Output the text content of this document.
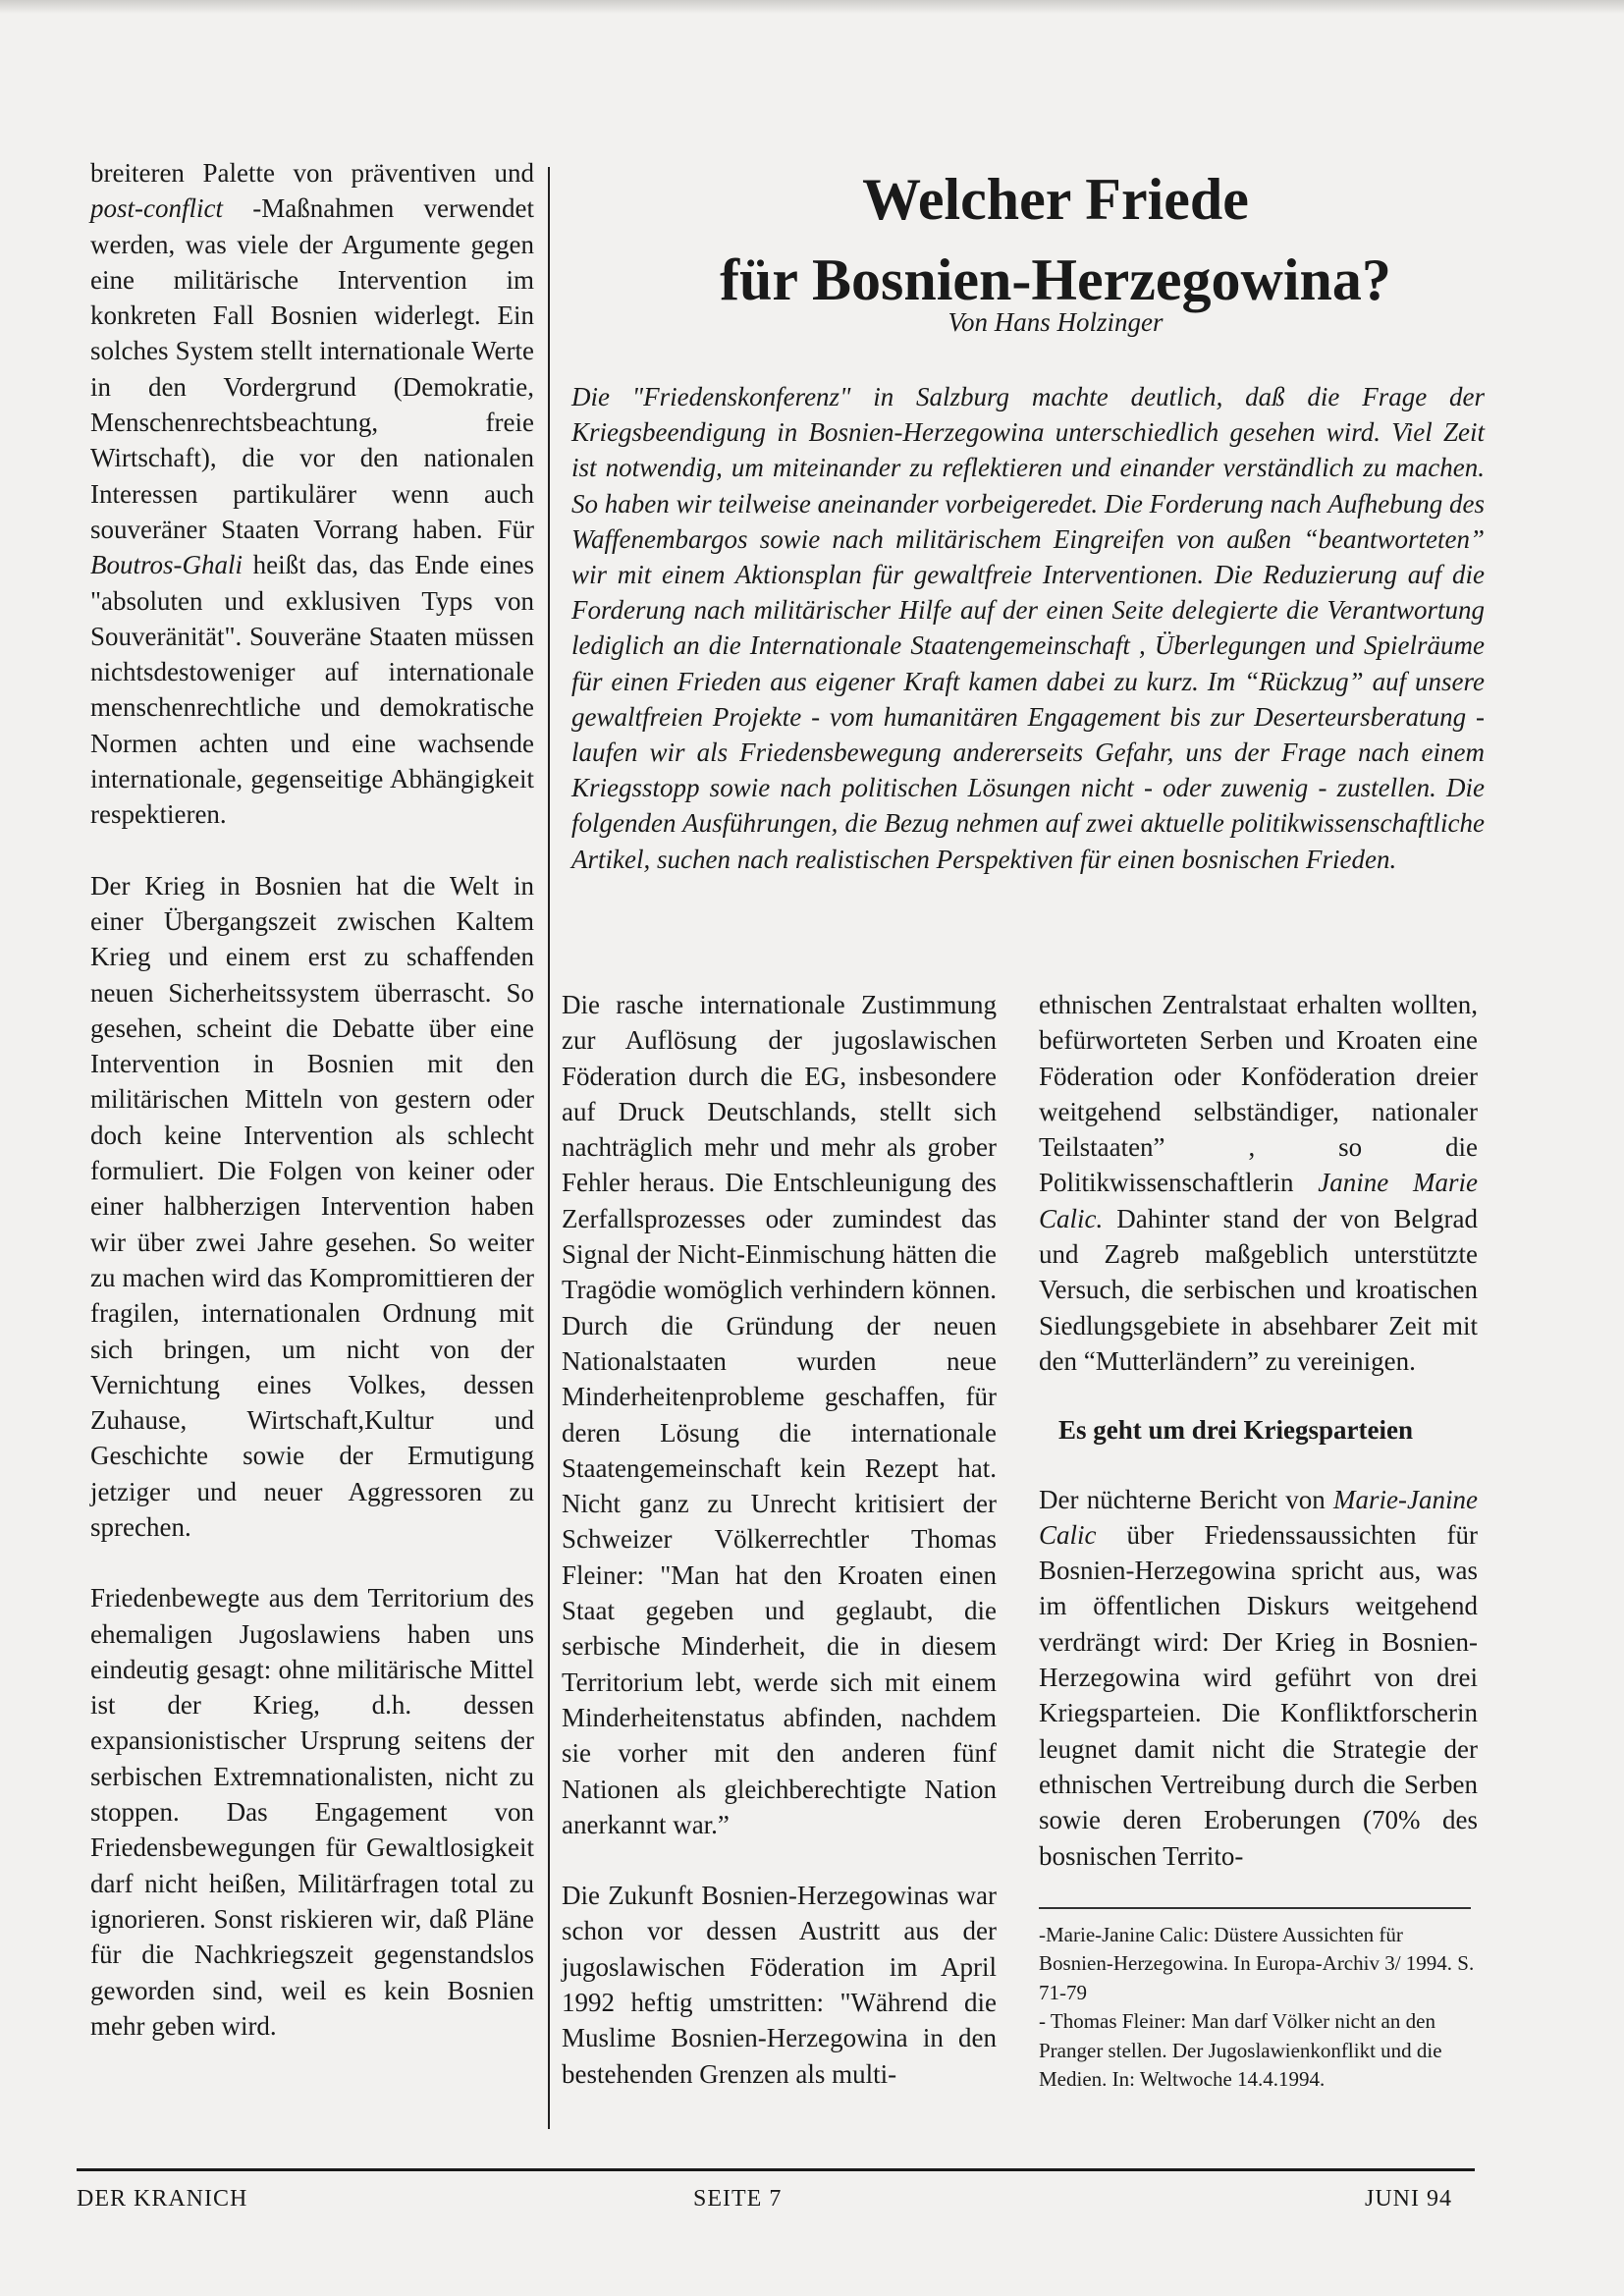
breiteren Palette von präventiven und post-conflict -Maßnahmen verwendet werden, was viele der Argumente gegen eine militärische Intervention im konkreten Fall Bosnien widerlegt. Ein solches System stellt internationale Werte in den Vordergrund (Demokratie, Menschenrechtsbeachtung, freie Wirtschaft), die vor den nationalen Interessen partikulärer wenn auch souveräner Staaten Vorrang haben. Für Boutros-Ghali heißt das, das Ende eines "absoluten und exklusiven Typs von Souveränität". Souveräne Staaten müssen nichtsdestoweniger auf internationale menschenrechtliche und demokratische Normen achten und eine wachsende internationale, gegenseitige Abhängigkeit respektieren.

Der Krieg in Bosnien hat die Welt in einer Übergangszeit zwischen Kaltem Krieg und einem erst zu schaffenden neuen Sicherheitssystem überrascht. So gesehen, scheint die Debatte über eine Intervention in Bosnien mit den militärischen Mitteln von gestern oder doch keine Intervention als schlecht formuliert. Die Folgen von keiner oder einer halbherzigen Intervention haben wir über zwei Jahre gesehen. So weiter zu machen wird das Kompromittieren der fragilen, internationalen Ordnung mit sich bringen, um nicht von der Vernichtung eines Volkes, dessen Zuhause, Wirtschaft,Kultur und Geschichte sowie der Ermutigung jetziger und neuer Aggressoren zu sprechen.

Friedenbewegte aus dem Territorium des ehemaligen Jugoslawiens haben uns eindeutig gesagt: ohne militärische Mittel ist der Krieg, d.h. dessen expansionistischer Ursprung seitens der serbischen Extremnationalisten, nicht zu stoppen. Das Engagement von Friedensbewegungen für Gewaltlosigkeit darf nicht heißen, Militärfragen total zu ignorieren. Sonst riskieren wir, daß Pläne für die Nachkriegszeit gegenstandslos geworden sind, weil es kein Bosnien mehr geben wird.

Welcher Friede
für Bosnien-Herzegowina?

Von Hans Holzinger

Die "Friedenskonferenz" in Salzburg machte deutlich, daß die Frage der Kriegsbeendigung in Bosnien-Herzegowina unterschiedlich gesehen wird. Viel Zeit ist notwendig, um miteinander zu reflektieren und einander verständlich zu machen. So haben wir teilweise aneinander vorbeigeredet. Die Forderung nach Aufhebung des Waffenembargos sowie nach militärischem Eingreifen von außen “beantworteten” wir mit einem Aktionsplan für gewaltfreie Interventionen. Die Reduzierung auf die Forderung nach militärischer Hilfe auf der einen Seite delegierte die Verantwortung lediglich an die Internationale Staatengemeinschaft , Überlegungen und Spielräume für einen Frieden aus eigener Kraft kamen dabei zu kurz. Im “Rückzug” auf unsere gewaltfreien Projekte - vom humanitären Engagement bis zur Deserteursberatung - laufen wir als Friedensbewegung andererseits Gefahr, uns der Frage nach einem Kriegsstopp sowie nach politischen Lösungen nicht - oder zuwenig - zustellen. Die folgenden Ausführungen, die Bezug nehmen auf zwei aktuelle politikwissenschaftliche Artikel, suchen nach realistischen Perspektiven für einen bosnischen Frieden.

Die rasche internationale Zustimmung zur Auflösung der jugoslawischen Föderation durch die EG, insbesondere auf Druck Deutschlands, stellt sich nachträglich mehr und mehr als grober Fehler heraus. Die Entschleunigung des Zerfallsprozesses oder zumindest das Signal der Nicht-Einmischung hätten die Tragödie womöglich verhindern können. Durch die Gründung der neuen Nationalstaaten wurden neue Minderheitenprobleme geschaffen, für deren Lösung die internationale Staatengemeinschaft kein Rezept hat. Nicht ganz zu Unrecht kritisiert der Schweizer Völkerrechtler Thomas Fleiner: "Man hat den Kroaten einen Staat gegeben und geglaubt, die serbische Minderheit, die in diesem Territorium lebt, werde sich mit einem Minderheitenstatus abfinden, nachdem sie vorher mit den anderen fünf Nationen als gleichberechtigte Nation anerkannt war.”

Die Zukunft Bosnien-Herzegowinas war schon vor dessen Austritt aus der jugoslawischen Föderation im April 1992 heftig umstritten: "Während die Muslime Bosnien-Herzegowina in den bestehenden Grenzen als multi-

ethnischen Zentralstaat erhalten wollten, befürworteten Serben und Kroaten eine Föderation oder Konföderation dreier weitgehend selbständiger, nationaler Teilstaaten” , so die Politikwissenschaftlerin Janine Marie Calic. Dahinter stand der von Belgrad und Zagreb maßgeblich unterstützte Versuch, die serbischen und kroatischen Siedlungsgebiete in absehbarer Zeit mit den “Mutterländern” zu vereinigen.

Es geht um drei Kriegsparteien

Der nüchterne Bericht von Marie-Janine Calic über Friedenssaussichten für Bosnien-Herzegowina spricht aus, was im öffentlichen Diskurs weitgehend verdrängt wird: Der Krieg in Bosnien-Herzegowina wird geführt von drei Kriegsparteien. Die Konfliktforscherin leugnet damit nicht die Strategie der ethnischen Vertreibung durch die Serben sowie deren Eroberungen (70% des bosnischen Territo-

-Marie-Janine Calic: Düstere Aussichten für Bosnien-Herzegowina. In Europa-Archiv 3/ 1994. S. 71-79
- Thomas Fleiner: Man darf Völker nicht an den Pranger stellen. Der Jugoslawienkonflikt und die Medien. In: Weltwoche 14.4.1994.
DER KRANICH	SEITE 7	JUNI 94
